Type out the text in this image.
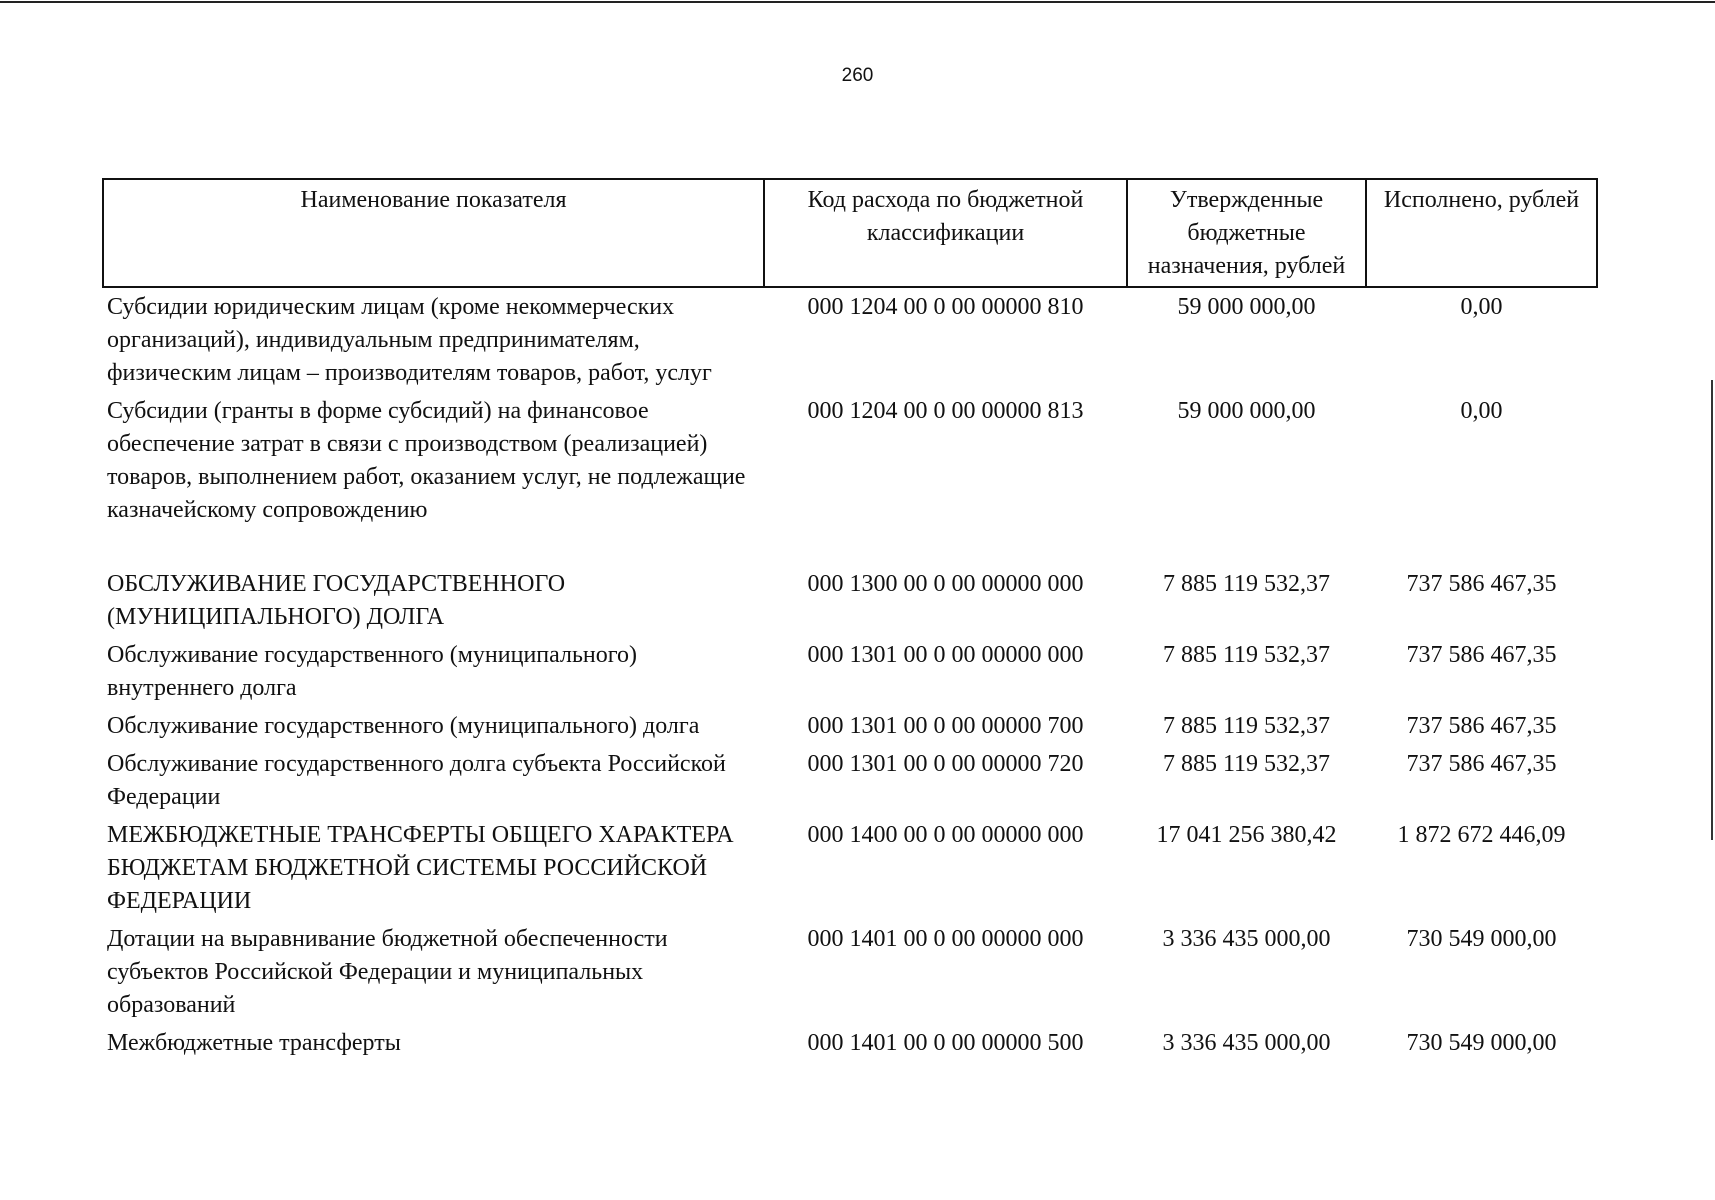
260
Наименование показателя	Код расхода по бюджетной классификации	Утвержденные бюджетные назначения, рублей	Исполнено, рублей
Субсидии юридическим лицам (кроме некоммерческих организаций), индивидуальным предпринимателям, физическим лицам – производителям товаров, работ, услуг	000 1204 00 0 00 00000 810	59 000 000,00	0,00
Субсидии (гранты в форме субсидий) на финансовое обеспечение затрат в связи с производством (реализацией) товаров, выполнением работ, оказанием услуг, не подлежащие казначейскому сопровождению	000 1204 00 0 00 00000 813	59 000 000,00	0,00
ОБСЛУЖИВАНИЕ ГОСУДАРСТВЕННОГО (МУНИЦИПАЛЬНОГО) ДОЛГА	000 1300 00 0 00 00000 000	7 885 119 532,37	737 586 467,35
Обслуживание государственного (муниципального) внутреннего долга	000 1301 00 0 00 00000 000	7 885 119 532,37	737 586 467,35
Обслуживание государственного (муниципального) долга	000 1301 00 0 00 00000 700	7 885 119 532,37	737 586 467,35
Обслуживание государственного долга субъекта Российской Федерации	000 1301 00 0 00 00000 720	7 885 119 532,37	737 586 467,35
МЕЖБЮДЖЕТНЫЕ ТРАНСФЕРТЫ ОБЩЕГО ХАРАКТЕРА БЮДЖЕТАМ БЮДЖЕТНОЙ СИСТЕМЫ РОССИЙСКОЙ ФЕДЕРАЦИИ	000 1400 00 0 00 00000 000	17 041 256 380,42	1 872 672 446,09
Дотации на выравнивание бюджетной обеспеченности субъектов Российской Федерации и муниципальных образований	000 1401 00 0 00 00000 000	3 336 435 000,00	730 549 000,00
Межбюджетные трансферты	000 1401 00 0 00 00000 500	3 336 435 000,00	730 549 000,00
